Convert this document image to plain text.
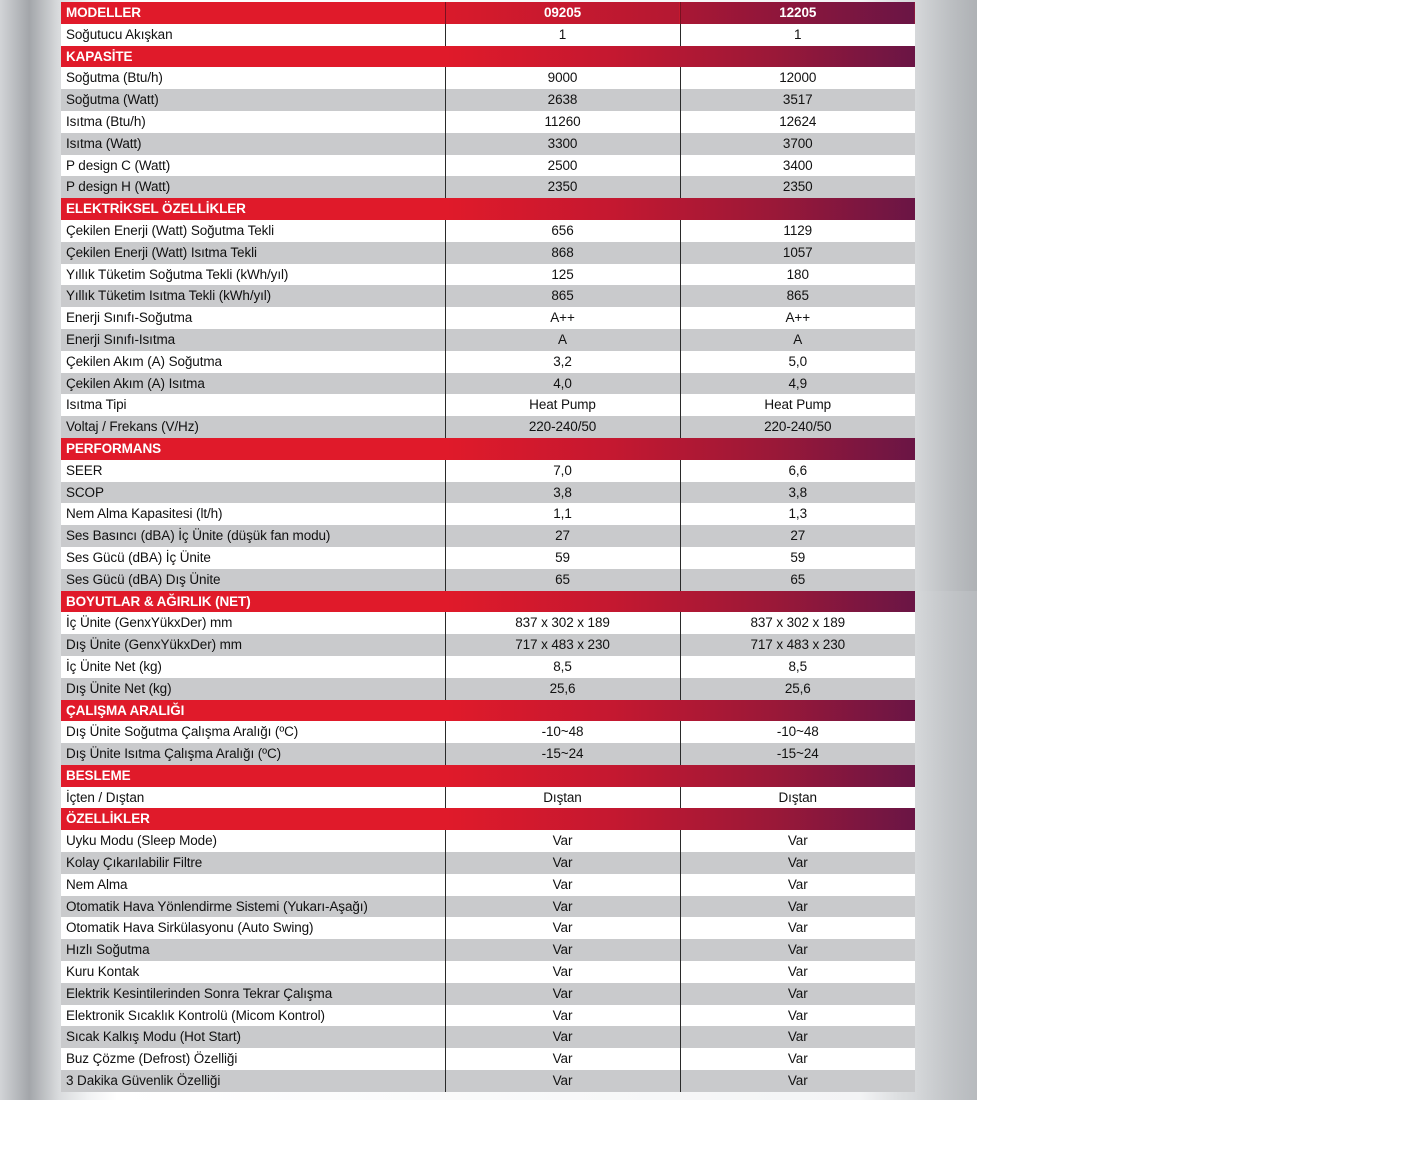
MODELLER	09205	12205
Soğutucu Akışkan	1	1
KAPASİTE		
Soğutma (Btu/h)	9000	12000
Soğutma (Watt)	2638	3517
Isıtma (Btu/h)	11260	12624
Isıtma (Watt)	3300	3700
P design C (Watt)	2500	3400
P design H (Watt)	2350	2350
ELEKTRİKSEL ÖZELLİKLER		
Çekilen Enerji (Watt) Soğutma Tekli	656	1129
Çekilen Enerji (Watt) Isıtma Tekli	868	1057
Yıllık Tüketim Soğutma Tekli (kWh/yıl)	125	180
Yıllık Tüketim Isıtma Tekli (kWh/yıl)	865	865
Enerji Sınıfı-Soğutma	A++	A++
Enerji Sınıfı-Isıtma	A	A
Çekilen Akım (A) Soğutma	3,2	5,0
Çekilen Akım (A) Isıtma	4,0	4,9
Isıtma Tipi	Heat Pump	Heat Pump
Voltaj / Frekans (V/Hz)	220-240/50	220-240/50
PERFORMANS		
SEER	7,0	6,6
SCOP	3,8	3,8
Nem Alma Kapasitesi (lt/h)	1,1	1,3
Ses Basıncı (dBA) İç Ünite (düşük fan modu)	27	27
Ses Gücü (dBA) İç Ünite	59	59
Ses Gücü (dBA) Dış Ünite	65	65
BOYUTLAR & AĞIRLIK (NET)		
İç Ünite (GenxYükxDer) mm	837 x 302 x 189	837 x 302 x 189
Dış Ünite (GenxYükxDer) mm	717 x 483 x 230	717 x 483 x 230
İç Ünite Net (kg)	8,5	8,5
Dış Ünite Net (kg)	25,6	25,6
ÇALIŞMA ARALIĞI		
Dış Ünite Soğutma Çalışma Aralığı (ºC)	-10~48	-10~48
Dış Ünite Isıtma Çalışma Aralığı (ºC)	-15~24	-15~24
BESLEME		
İçten / Dıştan	Dıştan	Dıştan
ÖZELLİKLER		
Uyku Modu (Sleep Mode)	Var	Var
Kolay Çıkarılabilir Filtre	Var	Var
Nem Alma	Var	Var
Otomatik Hava Yönlendirme Sistemi (Yukarı-Aşağı)	Var	Var
Otomatik Hava Sirkülasyonu (Auto Swing)	Var	Var
Hızlı Soğutma	Var	Var
Kuru Kontak	Var	Var
Elektrik Kesintilerinden Sonra Tekrar Çalışma	Var	Var
Elektronik Sıcaklık Kontrolü (Micom Kontrol)	Var	Var
Sıcak Kalkış Modu (Hot Start)	Var	Var
Buz Çözme (Defrost) Özelliği	Var	Var
3 Dakika Güvenlik Özelliği	Var	Var
